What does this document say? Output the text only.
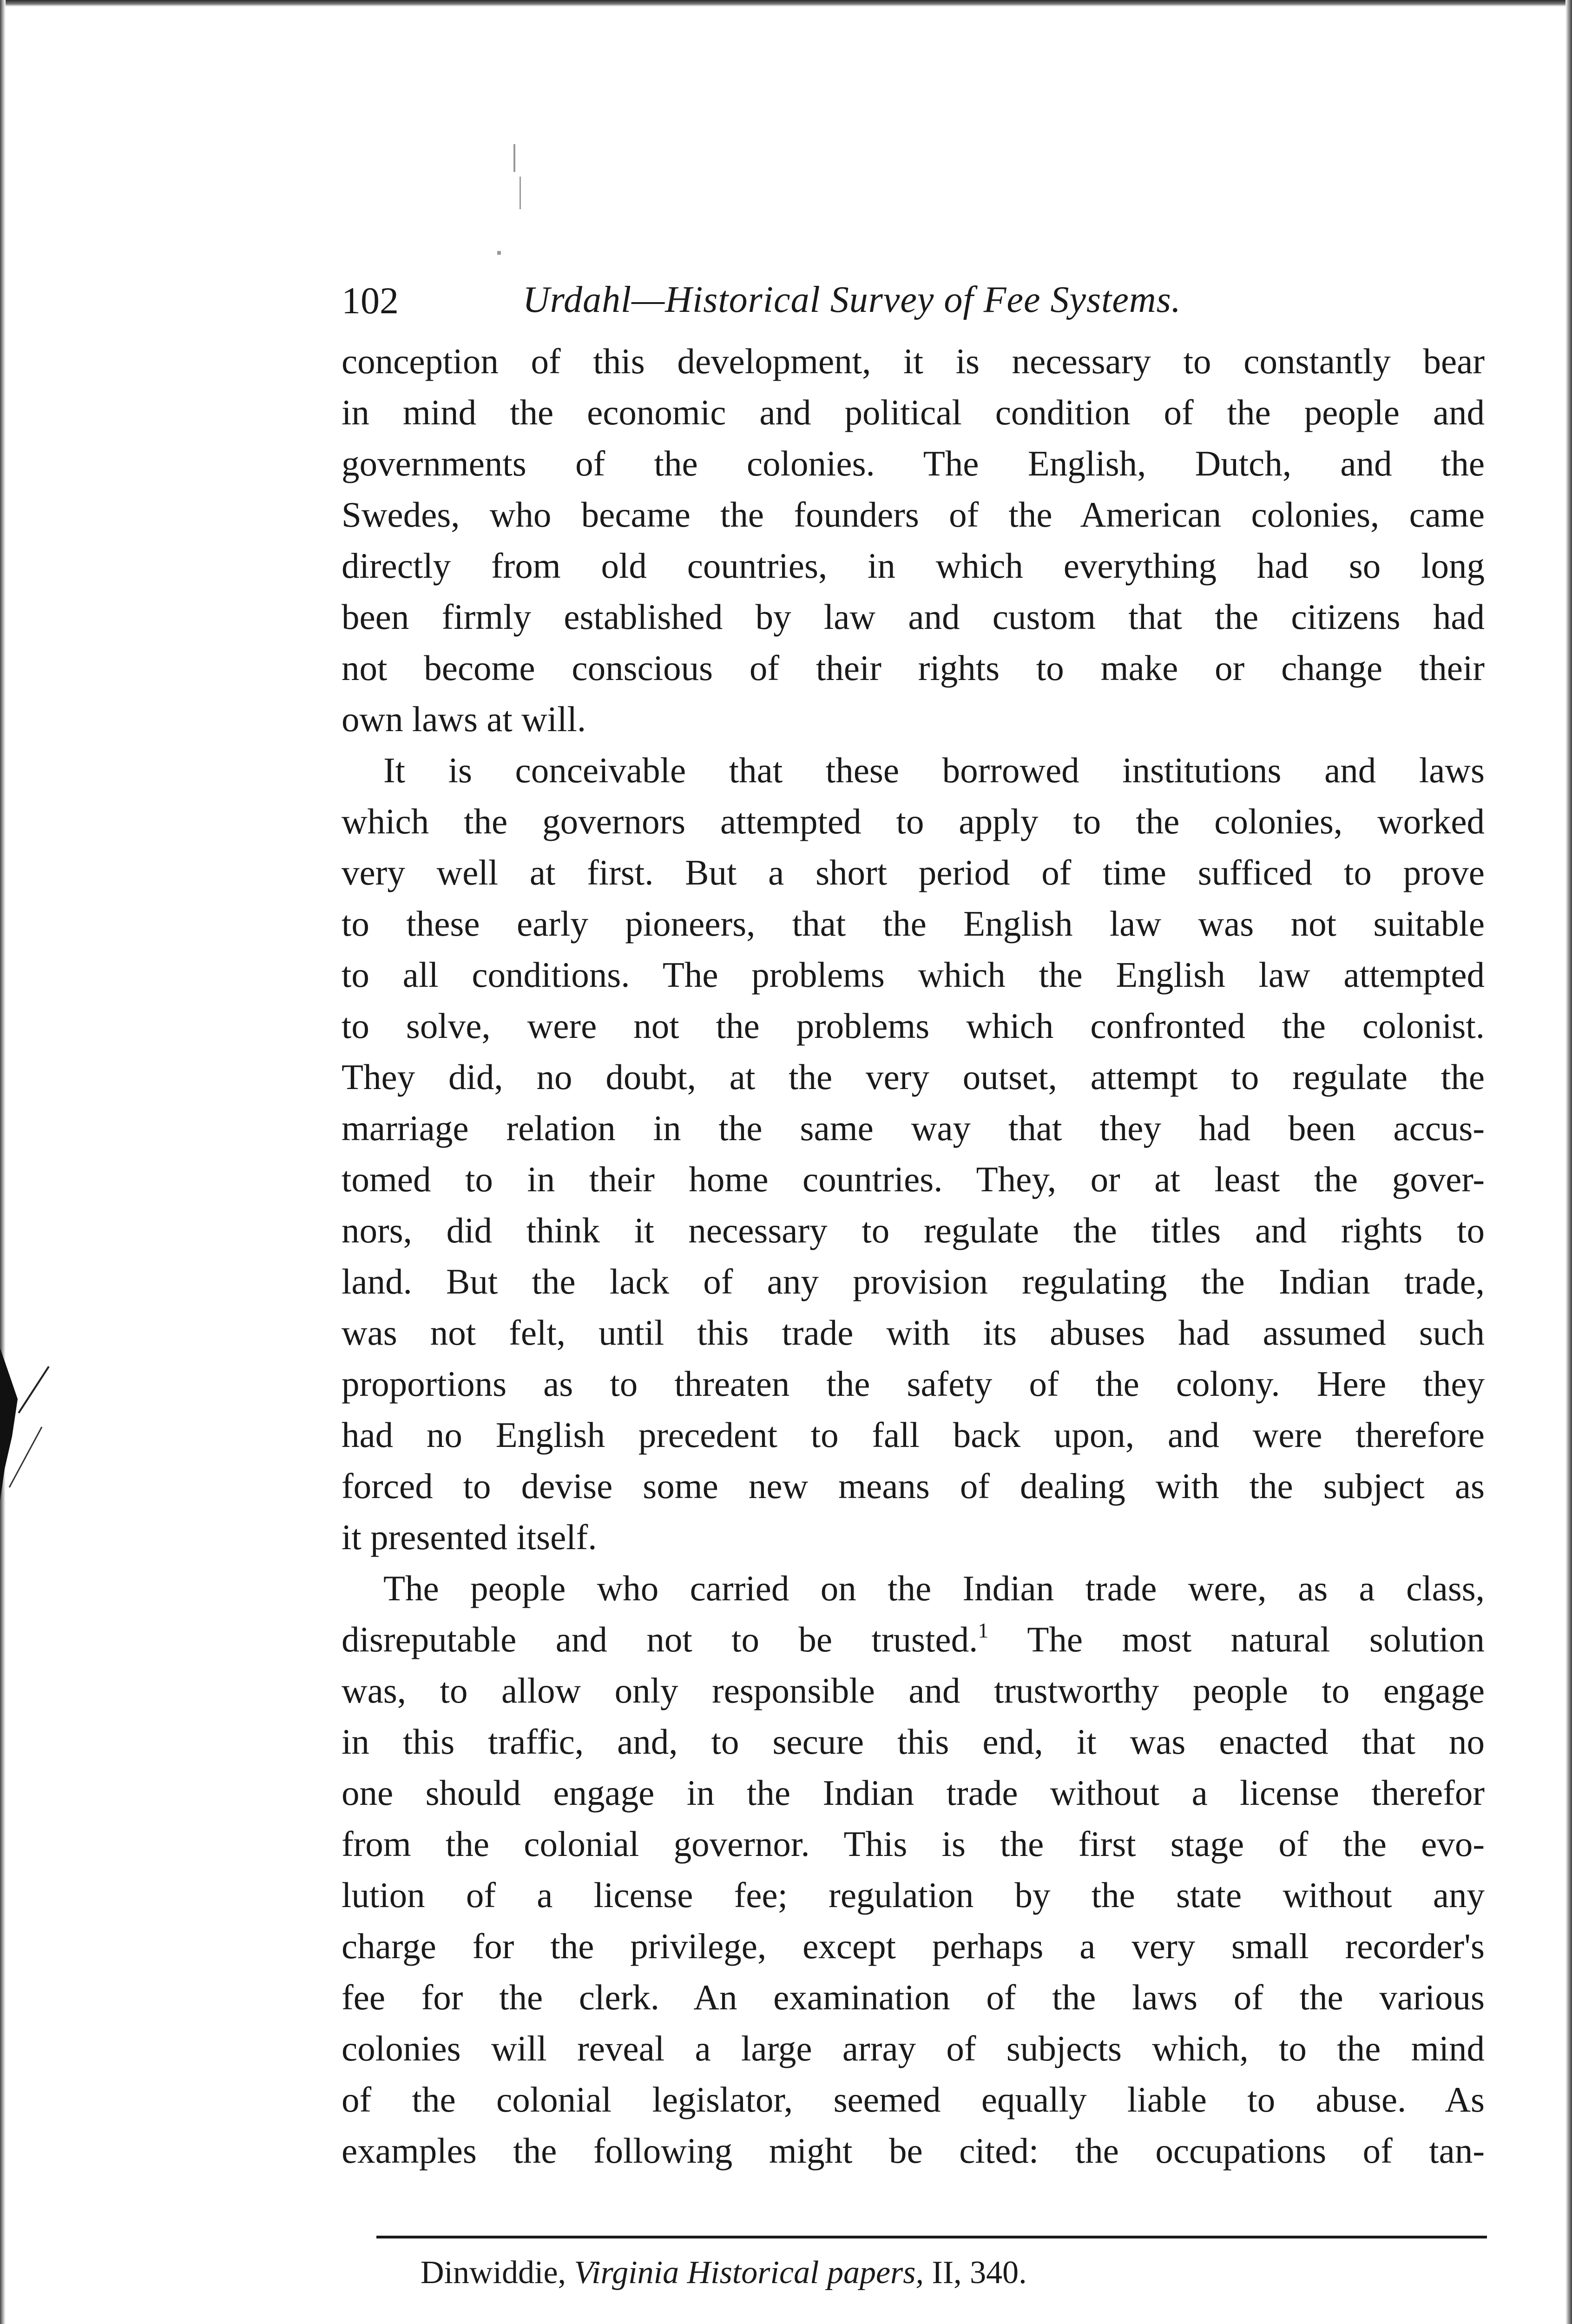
102	Urdahl—Historical Survey of Fee Systems.
conception of this development, it is necessary to constantly bear
in mind the economic and political condition of the people and
governments of the colonies. The English, Dutch, and the
Swedes, who became the founders of the American colonies, came
directly from old countries, in which everything had so long
been firmly established by law and custom that the citizens had
not become conscious of their rights to make or change their
own laws at will.
It is conceivable that these borrowed institutions and laws
which the governors attempted to apply to the colonies, worked
very well at first. But a short period of time sufficed to prove
to these early pioneers, that the English law was not suitable
to all conditions. The problems which the English law attempted
to solve, were not the problems which confronted the colonist.
They did, no doubt, at the very outset, attempt to regulate the
marriage relation in the same way that they had been accus-
tomed to in their home countries. They, or at least the gover-
nors, did think it necessary to regulate the titles and rights to
land. But the lack of any provision regulating the Indian trade,
was not felt, until this trade with its abuses had assumed such
proportions as to threaten the safety of the colony. Here they
had no English precedent to fall back upon, and were therefore
forced to devise some new means of dealing with the subject as
it presented itself.
The people who carried on the Indian trade were, as a class,
disreputable and not to be trusted.$^1$ The most natural solution
was, to allow only responsible and trustworthy people to engage
in this traffic, and, to secure this end, it was enacted that no
one should engage in the Indian trade without a license therefor
from the colonial governor. This is the first stage of the evo-
lution of a license fee; regulation by the state without any
charge for the privilege, except perhaps a very small recorder's
fee for the clerk. An examination of the laws of the various
colonies will reveal a large array of subjects which, to the mind
of the colonial legislator, seemed equally liable to abuse. As
examples the following might be cited: the occupations of tan-
Dinwiddie, Virginia Historical papers, II, 340.
